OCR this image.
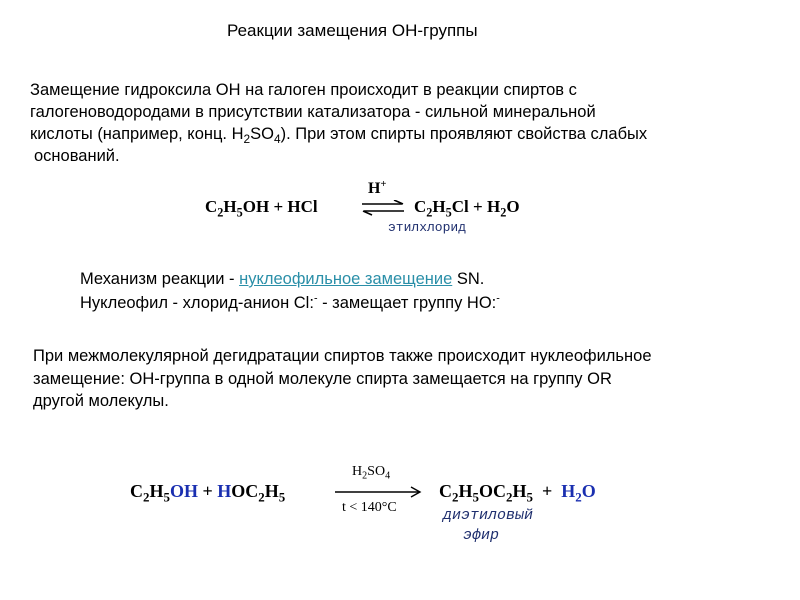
Реакции замещения ОН-группы
Замещение гидроксила ОН на галоген происходит в реакции спиртов с
галогеноводородами в присутствии катализатора - сильной минеральной
кислоты (например, конц. $Н_2SO_4$). При этом спирты проявляют свойства слабых
оснований.
$C_2H_5OH$ + HCl
H+
⇌ $C_2H_5Cl + H_2O$
этилхлорид
Механизм реакции - нуклеофильное замещение SN.
Нуклеофил - хлорид-анион Cl:- - замещает группу HO:-
При межмолекулярной дегидратации спиртов также происходит нуклеофильное
замещение: ОН-группа в одной молекуле спирта замещается на группу OR
другой молекулы.
$C_2H_5OH + HOC_2H_5$
$H_2SO_4$
t < 140°C
$C_2H_5OC_2H_5 + H_2O$
диэтиловый
эфир
